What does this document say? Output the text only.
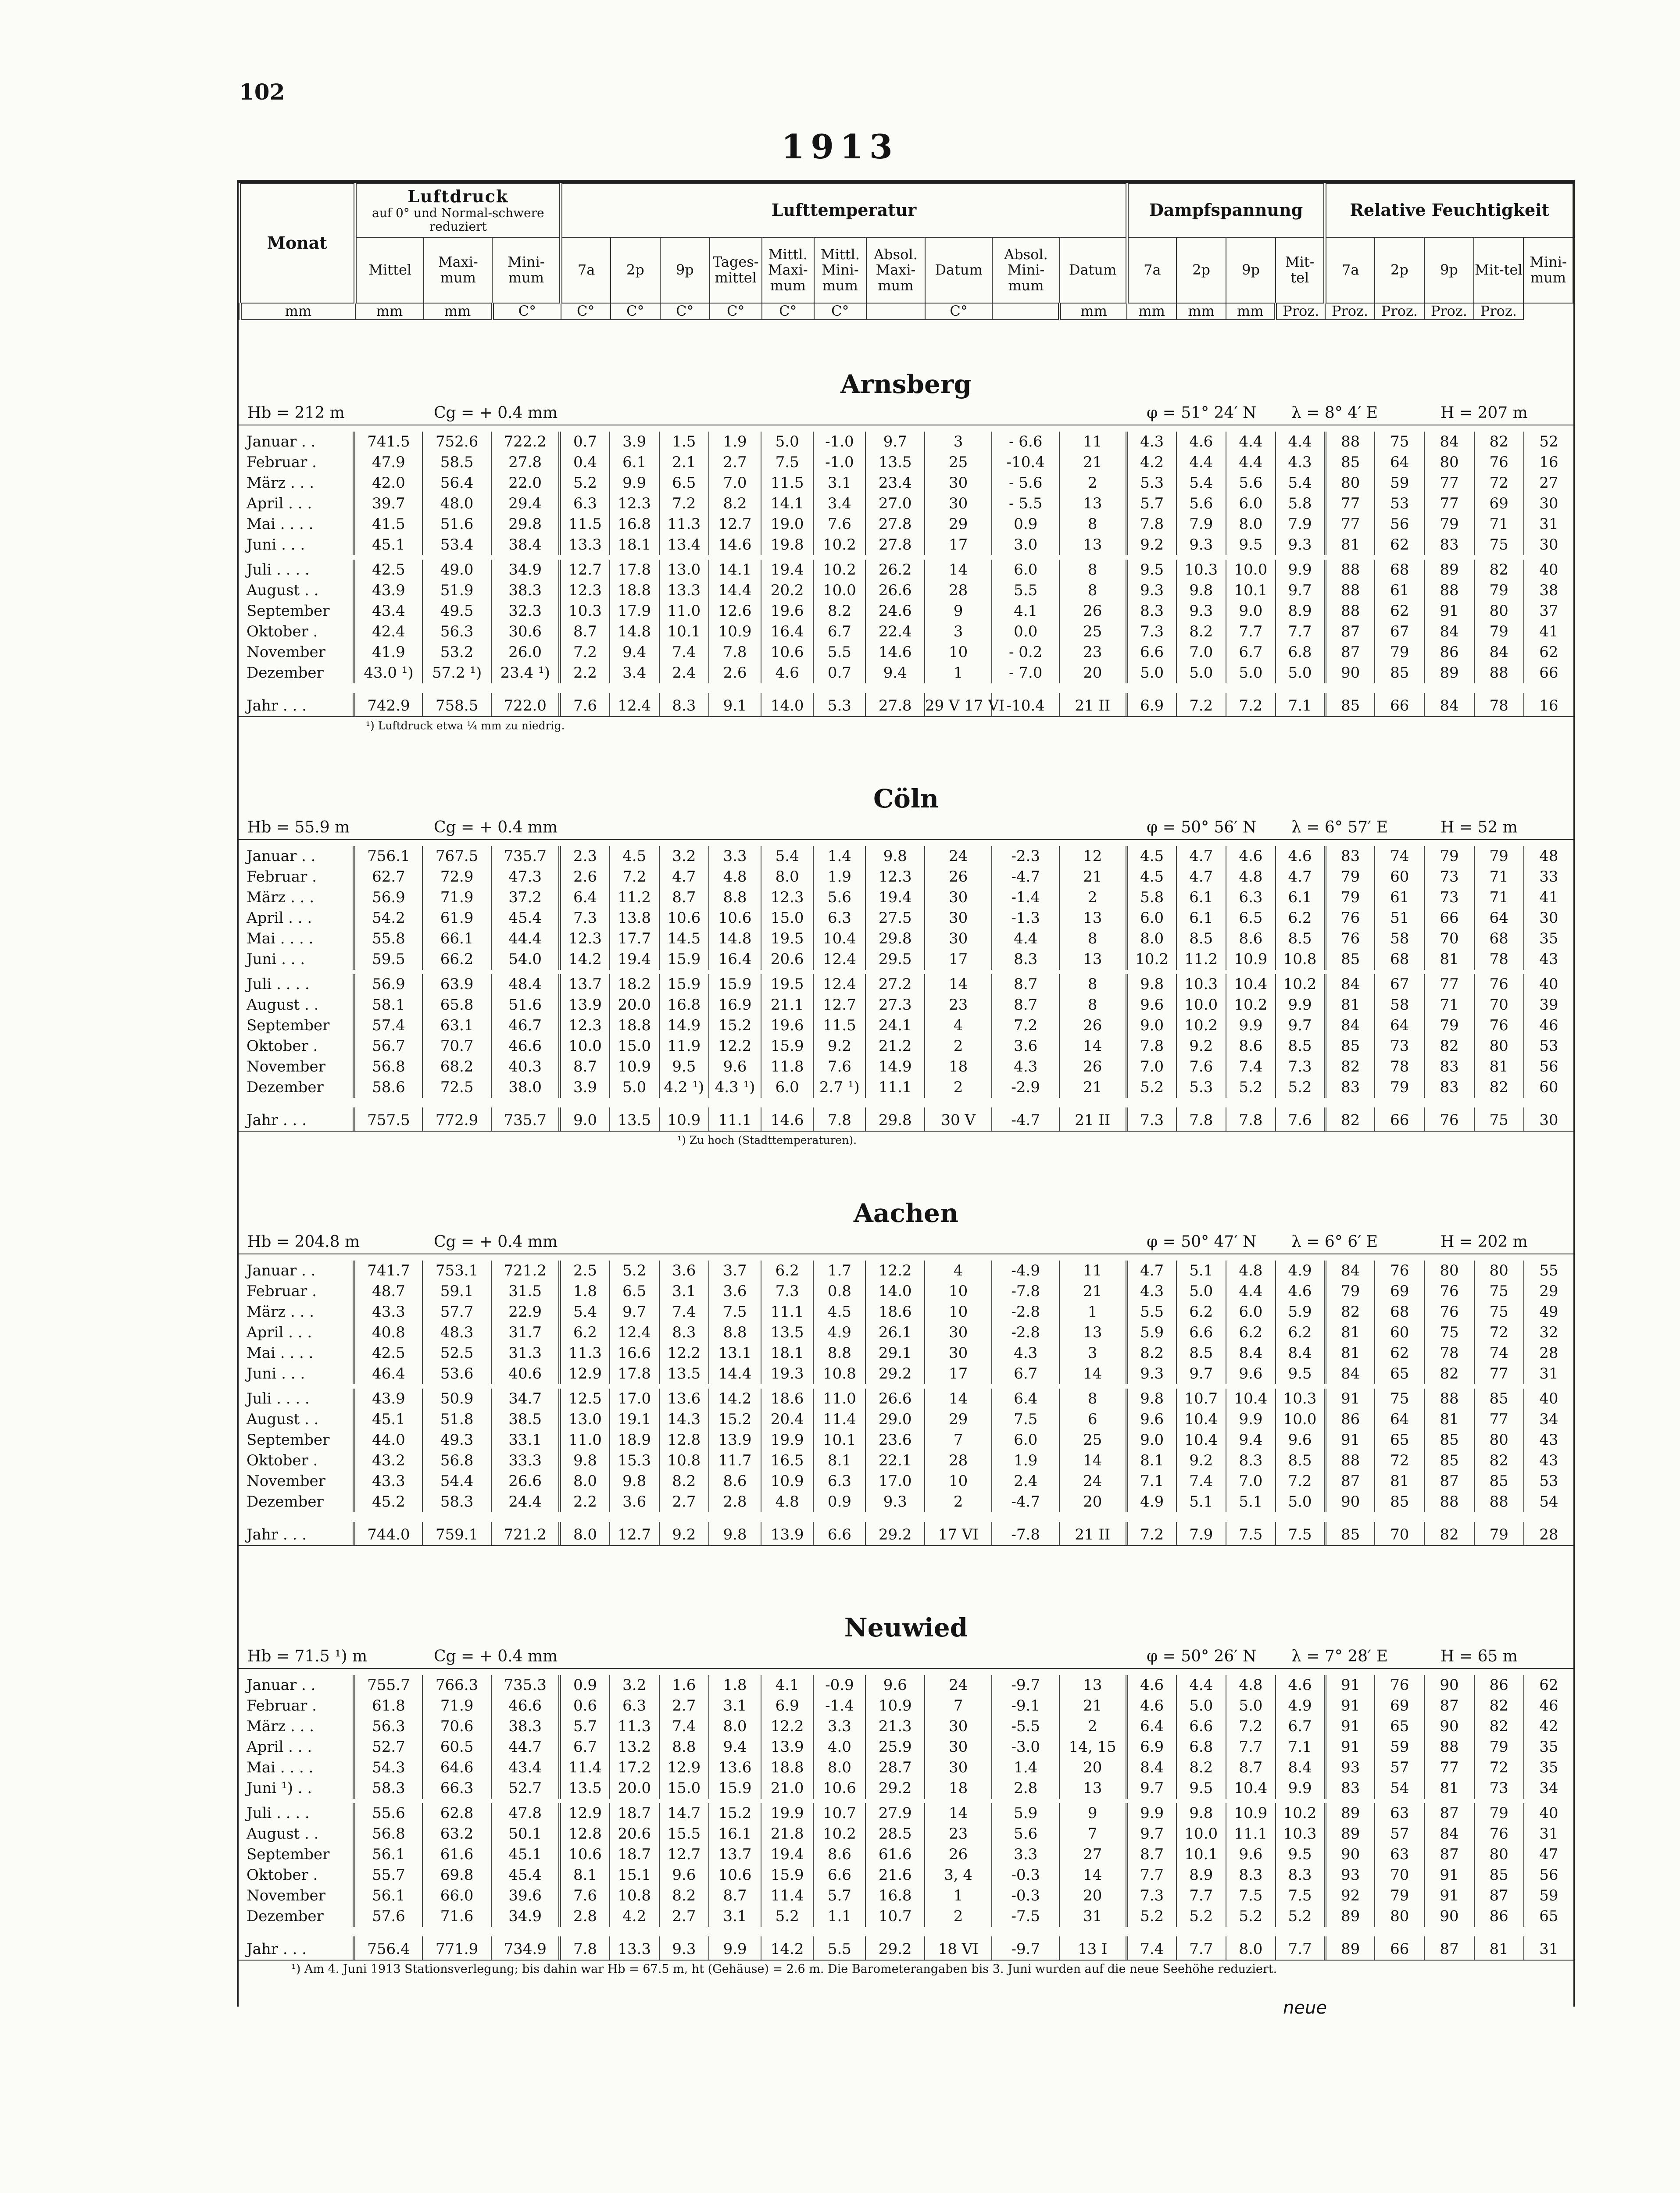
102
1913
Monat	Luftdruck
auf 0° und Normal-schwere reduziert			Lufttemperatur										Dampfspannung				Relative Feuchtigkeit				
	Mittel	Maxi-mum	Mini-mum	7a	2p	9p	Tages-mittel	Mittl. Maxi-mum	Mittl. Mini-mum	Absol. Maxi-mum	Datum	Absol. Mini-mum	Datum	7a	2p	9p	Mit-tel	7a	2p	9p	Mit-tel	Mini-mum
mm	mm	mm	C°	C°	C°	C°	C°	C°	C°		C°		mm	mm	mm	mm	Proz.	Proz.	Proz.	Proz.	Proz.	
Arnsberg
Hb = 212 m	Cg = + 0.4 mm	φ = 51° 24′ N λ = 8° 4′ E	H = 207 m
Januar . .	741.5	752.6	722.2	0.7	3.9	1.5	1.9	5.0	-1.0	9.7	3	- 6.6	11	4.3	4.6	4.4	4.4	88	75	84	82	52
Februar .	47.9	58.5	27.8	0.4	6.1	2.1	2.7	7.5	-1.0	13.5	25	-10.4	21	4.2	4.4	4.4	4.3	85	64	80	76	16
März . . .	42.0	56.4	22.0	5.2	9.9	6.5	7.0	11.5	3.1	23.4	30	- 5.6	2	5.3	5.4	5.6	5.4	80	59	77	72	27
April . . .	39.7	48.0	29.4	6.3	12.3	7.2	8.2	14.1	3.4	27.0	30	- 5.5	13	5.7	5.6	6.0	5.8	77	53	77	69	30
Mai . . . .	41.5	51.6	29.8	11.5	16.8	11.3	12.7	19.0	7.6	27.8	29	0.9	8	7.8	7.9	8.0	7.9	77	56	79	71	31
Juni . . .	45.1	53.4	38.4	13.3	18.1	13.4	14.6	19.8	10.2	27.8	17	3.0	13	9.2	9.3	9.5	9.3	81	62	83	75	30

Juli . . . .	42.5	49.0	34.9	12.7	17.8	13.0	14.1	19.4	10.2	26.2	14	6.0	8	9.5	10.3	10.0	9.9	88	68	89	82	40
August . .	43.9	51.9	38.3	12.3	18.8	13.3	14.4	20.2	10.0	26.6	28	5.5	8	9.3	9.8	10.1	9.7	88	61	88	79	38
September	43.4	49.5	32.3	10.3	17.9	11.0	12.6	19.6	8.2	24.6	9	4.1	26	8.3	9.3	9.0	8.9	88	62	91	80	37
Oktober .	42.4	56.3	30.6	8.7	14.8	10.1	10.9	16.4	6.7	22.4	3	0.0	25	7.3	8.2	7.7	7.7	87	67	84	79	41
November	41.9	53.2	26.0	7.2	9.4	7.4	7.8	10.6	5.5	14.6	10	- 0.2	23	6.6	7.0	6.7	6.8	87	79	86	84	62
Dezember	43.0 ¹)	57.2 ¹)	23.4 ¹)	2.2	3.4	2.4	2.6	4.6	0.7	9.4	1	- 7.0	20	5.0	5.0	5.0	5.0	90	85	89	88	66

Jahr . . .	742.9	758.5	722.0	7.6	12.4	8.3	9.1	14.0	5.3	27.8	29 V 17 VI	-10.4	21 II	6.9	7.2	7.2	7.1	85	66	84	78	16
¹) Luftdruck etwa ¼ mm zu niedrig.
Cöln
Hb = 55.9 m	Cg = + 0.4 mm	φ = 50° 56′ N λ = 6° 57′ E	H = 52 m
Januar . .	756.1	767.5	735.7	2.3	4.5	3.2	3.3	5.4	1.4	9.8	24	-2.3	12	4.5	4.7	4.6	4.6	83	74	79	79	48
Februar .	62.7	72.9	47.3	2.6	7.2	4.7	4.8	8.0	1.9	12.3	26	-4.7	21	4.5	4.7	4.8	4.7	79	60	73	71	33
März . . .	56.9	71.9	37.2	6.4	11.2	8.7	8.8	12.3	5.6	19.4	30	-1.4	2	5.8	6.1	6.3	6.1	79	61	73	71	41
April . . .	54.2	61.9	45.4	7.3	13.8	10.6	10.6	15.0	6.3	27.5	30	-1.3	13	6.0	6.1	6.5	6.2	76	51	66	64	30
Mai . . . .	55.8	66.1	44.4	12.3	17.7	14.5	14.8	19.5	10.4	29.8	30	4.4	8	8.0	8.5	8.6	8.5	76	58	70	68	35
Juni . . .	59.5	66.2	54.0	14.2	19.4	15.9	16.4	20.6	12.4	29.5	17	8.3	13	10.2	11.2	10.9	10.8	85	68	81	78	43

Juli . . . .	56.9	63.9	48.4	13.7	18.2	15.9	15.9	19.5	12.4	27.2	14	8.7	8	9.8	10.3	10.4	10.2	84	67	77	76	40
August . .	58.1	65.8	51.6	13.9	20.0	16.8	16.9	21.1	12.7	27.3	23	8.7	8	9.6	10.0	10.2	9.9	81	58	71	70	39
September	57.4	63.1	46.7	12.3	18.8	14.9	15.2	19.6	11.5	24.1	4	7.2	26	9.0	10.2	9.9	9.7	84	64	79	76	46
Oktober .	56.7	70.7	46.6	10.0	15.0	11.9	12.2	15.9	9.2	21.2	2	3.6	14	7.8	9.2	8.6	8.5	85	73	82	80	53
November	56.8	68.2	40.3	8.7	10.9	9.5	9.6	11.8	7.6	14.9	18	4.3	26	7.0	7.6	7.4	7.3	82	78	83	81	56
Dezember	58.6	72.5	38.0	3.9	5.0	4.2 ¹)	4.3 ¹)	6.0	2.7 ¹)	11.1	2	-2.9	21	5.2	5.3	5.2	5.2	83	79	83	82	60

Jahr . . .	757.5	772.9	735.7	9.0	13.5	10.9	11.1	14.6	7.8	29.8	30 V	-4.7	21 II	7.3	7.8	7.8	7.6	82	66	76	75	30
¹) Zu hoch (Stadttemperaturen).
Aachen
Hb = 204.8 m	Cg = + 0.4 mm	φ = 50° 47′ N λ = 6° 6′ E	H = 202 m
Januar . .	741.7	753.1	721.2	2.5	5.2	3.6	3.7	6.2	1.7	12.2	4	-4.9	11	4.7	5.1	4.8	4.9	84	76	80	80	55
Februar .	48.7	59.1	31.5	1.8	6.5	3.1	3.6	7.3	0.8	14.0	10	-7.8	21	4.3	5.0	4.4	4.6	79	69	76	75	29
März . . .	43.3	57.7	22.9	5.4	9.7	7.4	7.5	11.1	4.5	18.6	10	-2.8	1	5.5	6.2	6.0	5.9	82	68	76	75	49
April . . .	40.8	48.3	31.7	6.2	12.4	8.3	8.8	13.5	4.9	26.1	30	-2.8	13	5.9	6.6	6.2	6.2	81	60	75	72	32
Mai . . . .	42.5	52.5	31.3	11.3	16.6	12.2	13.1	18.1	8.8	29.1	30	4.3	3	8.2	8.5	8.4	8.4	81	62	78	74	28
Juni . . .	46.4	53.6	40.6	12.9	17.8	13.5	14.4	19.3	10.8	29.2	17	6.7	14	9.3	9.7	9.6	9.5	84	65	82	77	31

Juli . . . .	43.9	50.9	34.7	12.5	17.0	13.6	14.2	18.6	11.0	26.6	14	6.4	8	9.8	10.7	10.4	10.3	91	75	88	85	40
August . .	45.1	51.8	38.5	13.0	19.1	14.3	15.2	20.4	11.4	29.0	29	7.5	6	9.6	10.4	9.9	10.0	86	64	81	77	34
September	44.0	49.3	33.1	11.0	18.9	12.8	13.9	19.9	10.1	23.6	7	6.0	25	9.0	10.4	9.4	9.6	91	65	85	80	43
Oktober .	43.2	56.8	33.3	9.8	15.3	10.8	11.7	16.5	8.1	22.1	28	1.9	14	8.1	9.2	8.3	8.5	88	72	85	82	43
November	43.3	54.4	26.6	8.0	9.8	8.2	8.6	10.9	6.3	17.0	10	2.4	24	7.1	7.4	7.0	7.2	87	81	87	85	53
Dezember	45.2	58.3	24.4	2.2	3.6	2.7	2.8	4.8	0.9	9.3	2	-4.7	20	4.9	5.1	5.1	5.0	90	85	88	88	54

Jahr . . .	744.0	759.1	721.2	8.0	12.7	9.2	9.8	13.9	6.6	29.2	17 VI	-7.8	21 II	7.2	7.9	7.5	7.5	85	70	82	79	28
Neuwied
Hb = 71.5 ¹) m	Cg = + 0.4 mm	φ = 50° 26′ N λ = 7° 28′ E	H = 65 m
Januar . .	755.7	766.3	735.3	0.9	3.2	1.6	1.8	4.1	-0.9	9.6	24	-9.7	13	4.6	4.4	4.8	4.6	91	76	90	86	62
Februar .	61.8	71.9	46.6	0.6	6.3	2.7	3.1	6.9	-1.4	10.9	7	-9.1	21	4.6	5.0	5.0	4.9	91	69	87	82	46
März . . .	56.3	70.6	38.3	5.7	11.3	7.4	8.0	12.2	3.3	21.3	30	-5.5	2	6.4	6.6	7.2	6.7	91	65	90	82	42
April . . .	52.7	60.5	44.7	6.7	13.2	8.8	9.4	13.9	4.0	25.9	30	-3.0	14, 15	6.9	6.8	7.7	7.1	91	59	88	79	35
Mai . . . .	54.3	64.6	43.4	11.4	17.2	12.9	13.6	18.8	8.0	28.7	30	1.4	20	8.4	8.2	8.7	8.4	93	57	77	72	35
Juni ¹) . .	58.3	66.3	52.7	13.5	20.0	15.0	15.9	21.0	10.6	29.2	18	2.8	13	9.7	9.5	10.4	9.9	83	54	81	73	34

Juli . . . .	55.6	62.8	47.8	12.9	18.7	14.7	15.2	19.9	10.7	27.9	14	5.9	9	9.9	9.8	10.9	10.2	89	63	87	79	40
August . .	56.8	63.2	50.1	12.8	20.6	15.5	16.1	21.8	10.2	28.5	23	5.6	7	9.7	10.0	11.1	10.3	89	57	84	76	31
September	56.1	61.6	45.1	10.6	18.7	12.7	13.7	19.4	8.6	61.6	26	3.3	27	8.7	10.1	9.6	9.5	90	63	87	80	47
Oktober .	55.7	69.8	45.4	8.1	15.1	9.6	10.6	15.9	6.6	21.6	3, 4	-0.3	14	7.7	8.9	8.3	8.3	93	70	91	85	56
November	56.1	66.0	39.6	7.6	10.8	8.2	8.7	11.4	5.7	16.8	1	-0.3	20	7.3	7.7	7.5	7.5	92	79	91	87	59
Dezember	57.6	71.6	34.9	2.8	4.2	2.7	3.1	5.2	1.1	10.7	2	-7.5	31	5.2	5.2	5.2	5.2	89	80	90	86	65

Jahr . . .	756.4	771.9	734.9	7.8	13.3	9.3	9.9	14.2	5.5	29.2	18 VI	-9.7	13 I	7.4	7.7	8.0	7.7	89	66	87	81	31
¹) Am 4. Juni 1913 Stationsverlegung; bis dahin war Hb = 67.5 m, ht (Gehäuse) = 2.6 m. Die Barometerangaben bis 3. Juni wurden auf die neue Seehöhe reduziert.
neue
